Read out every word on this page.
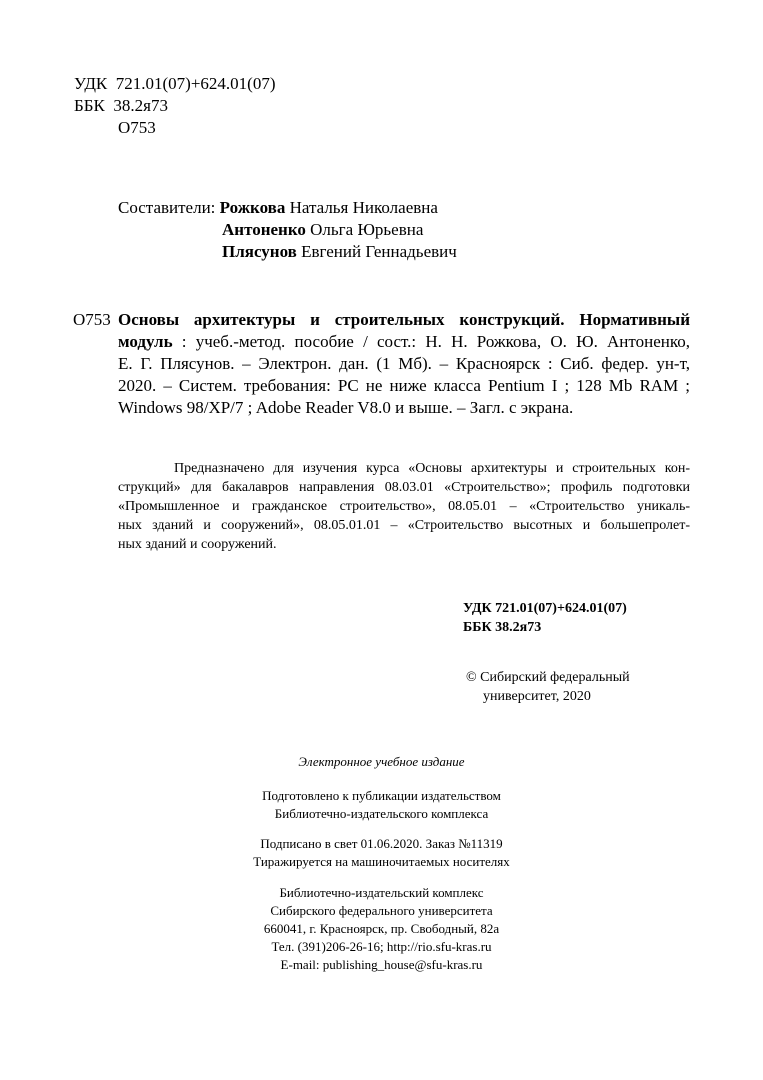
УДК 721.01(07)+624.01(07)
ББК 38.2я73
О753
Составители: Рожкова Наталья Николаевна
Антоненко Ольга Юрьевна
Плясунов Евгений Геннадьевич
О753 Основы архитектуры и строительных конструкций. Нормативный
модуль : учеб.-метод. пособие / сост.: Н. Н. Рожкова, О. Ю. Антоненко,
Е. Г. Плясунов. – Электрон. дан. (1 Мб). – Красноярск : Сиб. федер. ун-т,
2020. – Систем. требования: PC не ниже класса Pentium I ; 128 Mb RAM ;
Windows 98/XP/7 ; Adobe Reader V8.0 и выше. – Загл. с экрана.
Предназначено для изучения курса «Основы архитектуры и строительных кон-
струкций» для бакалавров направления 08.03.01 «Строительство»; профиль подготовки
«Промышленное и гражданское строительство», 08.05.01 – «Строительство уникаль-
ных зданий и сооружений», 08.05.01.01 – «Строительство высотных и большепролет-
ных зданий и сооружений.
УДК 721.01(07)+624.01(07)
ББК 38.2я73
© Сибирский федеральный
университет, 2020
Электронное учебное издание
Подготовлено к публикации издательством
Библиотечно-издательского комплекса
Подписано в свет 01.06.2020. Заказ №11319
Тиражируется на машиночитаемых носителях
Библиотечно-издательский комплекс
Сибирского федерального университета
660041, г. Красноярск, пр. Свободный, 82а
Тел. (391)206-26-16; http://rio.sfu-kras.ru
E-mail: publishing_house@sfu-kras.ru
